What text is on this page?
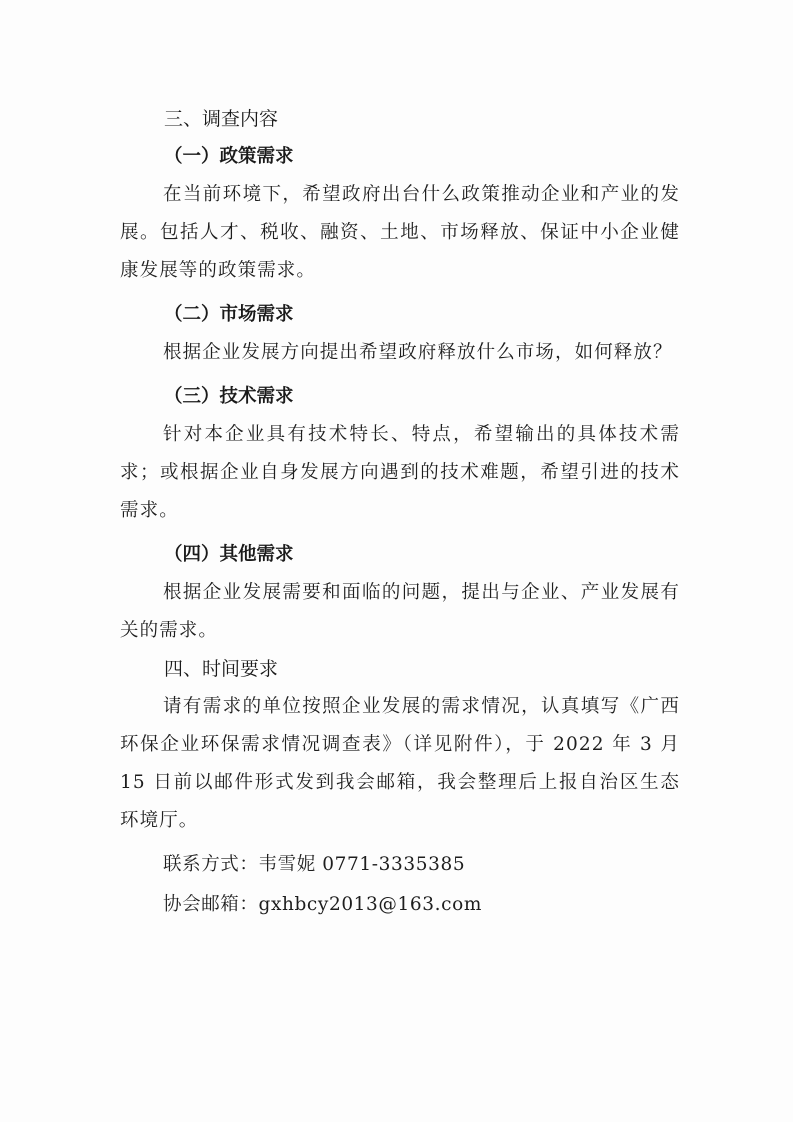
三、调查内容
（一）政策需求

在当前环境下，希望政府出台什么政策推动企业和产业的发展。包括人才、税收、融资、土地、市场释放、保证中小企业健康发展等的政策需求。

（二）市场需求

根据企业发展方向提出希望政府释放什么市场，如何释放？

（三）技术需求

针对本企业具有技术特长、特点，希望输出的具体技术需求；或根据企业自身发展方向遇到的技术难题，希望引进的技术需求。

（四）其他需求

根据企业发展需要和面临的问题，提出与企业、产业发展有关的需求。

四、时间要求

请有需求的单位按照企业发展的需求情况，认真填写《广西环保企业环保需求情况调查表》（详见附件），于 2022 年 3 月 15 日前以邮件形式发到我会邮箱，我会整理后上报自治区生态环境厅。

联系方式：韦雪妮 0771-3335385
协会邮箱：gxhbcy2013@163.com
